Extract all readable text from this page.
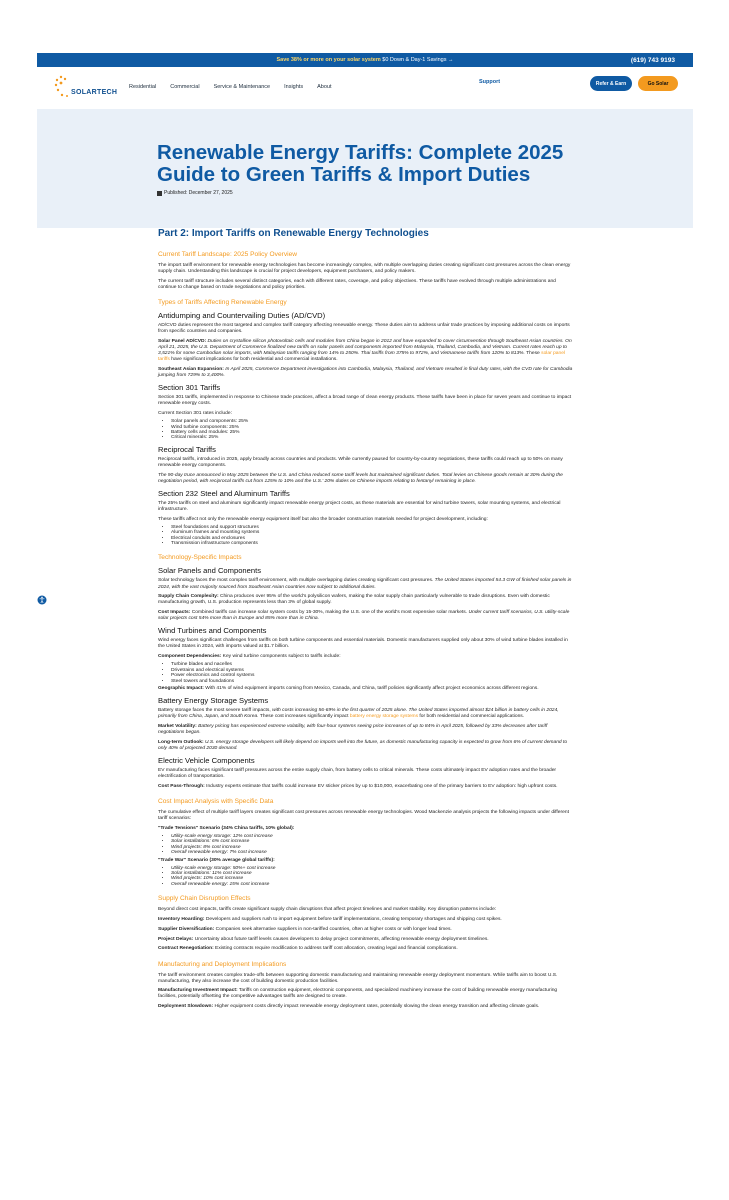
Save 38% or more on your solar system $0 Down & Day-1 Savings →	(619) 743 9193
SOLARTECH
Residential	Commercial	Service & Maintenance	Insights	About
Support	Refer & Earn	Go Solar
Renewable Energy Tariffs: Complete 2025 Guide to Green Tariffs & Import Duties
Published: December 27, 2025
Part 2: Import Tariffs on Renewable Energy Technologies
Current Tariff Landscape: 2025 Policy Overview

The import tariff environment for renewable energy technologies has become increasingly complex, with multiple overlapping duties creating significant cost pressures across the clean energy supply chain. Understanding this landscape is crucial for project developers, equipment purchasers, and policy makers.

The current tariff structure includes several distinct categories, each with different rates, coverage, and policy objectives. These tariffs have evolved through multiple administrations and continue to change based on trade negotiations and policy priorities.

Types of Tariffs Affecting Renewable Energy
Antidumping and Countervailing Duties (AD/CVD)

AD/CVD duties represent the most targeted and complex tariff category affecting renewable energy. These duties aim to address unfair trade practices by imposing additional costs on imports from specific countries and companies.

Solar Panel AD/CVD: Duties on crystalline silicon photovoltaic cells and modules from China began in 2012 and have expanded to cover circumvention through Southeast Asian countries. On April 21, 2025, the U.S. Department of Commerce finalized new tariffs on solar panels and components imported from Malaysia, Thailand, Cambodia, and Vietnam. Current rates reach up to 3,521% for some Cambodian solar imports, with Malaysian tariffs ranging from 14% to 250%. Thai tariffs from 375% to 972%, and Vietnamese tariffs from 120% to 813%. These solar panel tariffs have significant implications for both residential and commercial installations.

Southeast Asian Expansion: In April 2025, Commerce Department investigations into Cambodia, Malaysia, Thailand, and Vietnam resulted in final duty rates, with the CVD rate for Cambodia jumping from 729% to 3,400%.

Section 301 Tariffs

Section 301 tariffs, implemented in response to Chinese trade practices, affect a broad range of clean energy products. These tariffs have been in place for seven years and continue to impact renewable energy costs.

Current Section 301 rates include:

• Solar panels and components: 25%
• Wind turbine components: 25%
• Battery cells and modules: 25%
• Critical minerals: 25%
Reciprocal Tariffs

Reciprocal tariffs, introduced in 2025, apply broadly across countries and products. While currently paused for country-by-country negotiations, these tariffs could reach up to 50% on many renewable energy components.

The 90-day truce announced in May 2025 between the U.S. and China reduced some tariff levels but maintained significant duties. Total levies on Chinese goods remain at 30% during the negotiation period, with reciprocal tariffs cut from 125% to 10% and the U.S.' 20% duties on Chinese imports relating to fentanyl remaining in place.

Section 232 Steel and Aluminum Tariffs

The 25% tariffs on steel and aluminum significantly impact renewable energy project costs, as these materials are essential for wind turbine towers, solar mounting systems, and electrical infrastructure.

These tariffs affect not only the renewable energy equipment itself but also the broader construction materials needed for project development, including:

• Steel foundations and support structures
• Aluminum frames and mounting systems
• Electrical conduits and enclosures
• Transmission infrastructure components
Technology-Specific Impacts
Solar Panels and Components

Solar technology faces the most complex tariff environment, with multiple overlapping duties creating significant cost pressures. The United States imported 54.3 GW of finished solar panels in 2024, with the vast majority sourced from Southeast Asian countries now subject to additional duties.

Supply Chain Complexity: China produces over 95% of the world's polysilicon wafers, making the solar supply chain particularly vulnerable to trade disruptions. Even with domestic manufacturing growth, U.S. production represents less than 3% of global supply.

Cost Impacts: Combined tariffs can increase solar system costs by 15-30%, making the U.S. one of the world's most expensive solar markets. Under current tariff scenarios, U.S. utility-scale solar projects cost 54% more than in Europe and 85% more than in China.

Wind Turbines and Components

Wind energy faces significant challenges from tariffs on both turbine components and essential materials. Domestic manufacturers supplied only about 30% of wind turbine blades installed in the United States in 2024, with imports valued at $1.7 billion.

Component Dependencies: Key wind turbine components subject to tariffs include:

• Turbine blades and nacelles
• Drivetrains and electrical systems
• Power electronics and control systems
• Steel towers and foundations

Geographic Impact: With 41% of wind equipment imports coming from Mexico, Canada, and China, tariff policies significantly affect project economics across different regions.

Battery Energy Storage Systems

Battery storage faces the most severe tariff impacts, with costs increasing 56-69% in the first quarter of 2025 alone. The United States imported almost $24 billion in battery cells in 2024, primarily from China, Japan, and South Korea. These cost increases significantly impact battery energy storage systems for both residential and commercial applications.

Market Volatility: Battery pricing has experienced extreme volatility, with four-hour systems seeing price increases of up to 84% in April 2025, followed by 33% decreases after tariff negotiations began.

Long-term Outlook: U.S. energy storage developers will likely depend on imports well into the future, as domestic manufacturing capacity is expected to grow from 6% of current demand to only 40% of projected 2030 demand.

Electric Vehicle Components

EV manufacturing faces significant tariff pressures across the entire supply chain, from battery cells to critical minerals. These costs ultimately impact EV adoption rates and the broader electrification of transportation.

Cost Pass-Through: Industry experts estimate that tariffs could increase EV sticker prices by up to $10,000, exacerbating one of the primary barriers to EV adoption: high upfront costs.

Cost Impact Analysis with Specific Data

The cumulative effect of multiple tariff layers creates significant cost pressures across renewable energy technologies. Wood Mackenzie analysis projects the following impacts under different tariff scenarios:

"Trade Tensions" Scenario (34% China tariffs, 10% global):

• Utility-scale energy storage: 12% cost increase
• Solar installations: 6% cost increase
• Wind projects: 8% cost increase
• Overall renewable energy: 7% cost increase

"Trade War" Scenario (30% average global tariffs):

• Utility-scale energy storage: 50%+ cost increase
• Solar installations: 11% cost increase
• Wind projects: 10% cost increase
• Overall renewable energy: 15% cost increase
Supply Chain Disruption Effects

Beyond direct cost impacts, tariffs create significant supply chain disruptions that affect project timelines and market stability. Key disruption patterns include:

Inventory Hoarding: Developers and suppliers rush to import equipment before tariff implementations, creating temporary shortages and shipping cost spikes.

Supplier Diversification: Companies seek alternative suppliers in non-tariffed countries, often at higher costs or with longer lead times.

Project Delays: Uncertainty about future tariff levels causes developers to delay project commitments, affecting renewable energy deployment timelines.

Contract Renegotiation: Existing contracts require modification to address tariff cost allocation, creating legal and financial complications.

Manufacturing and Deployment Implications

The tariff environment creates complex trade-offs between supporting domestic manufacturing and maintaining renewable energy deployment momentum. While tariffs aim to boost U.S. manufacturing, they also increase the cost of building domestic production facilities.

Manufacturing Investment Impact: Tariffs on construction equipment, electronic components, and specialized machinery increase the cost of building renewable energy manufacturing facilities, potentially offsetting the competitive advantages tariffs are designed to create.

Deployment Slowdown: Higher equipment costs directly impact renewable energy deployment rates, potentially slowing the clean energy transition and affecting climate goals.
